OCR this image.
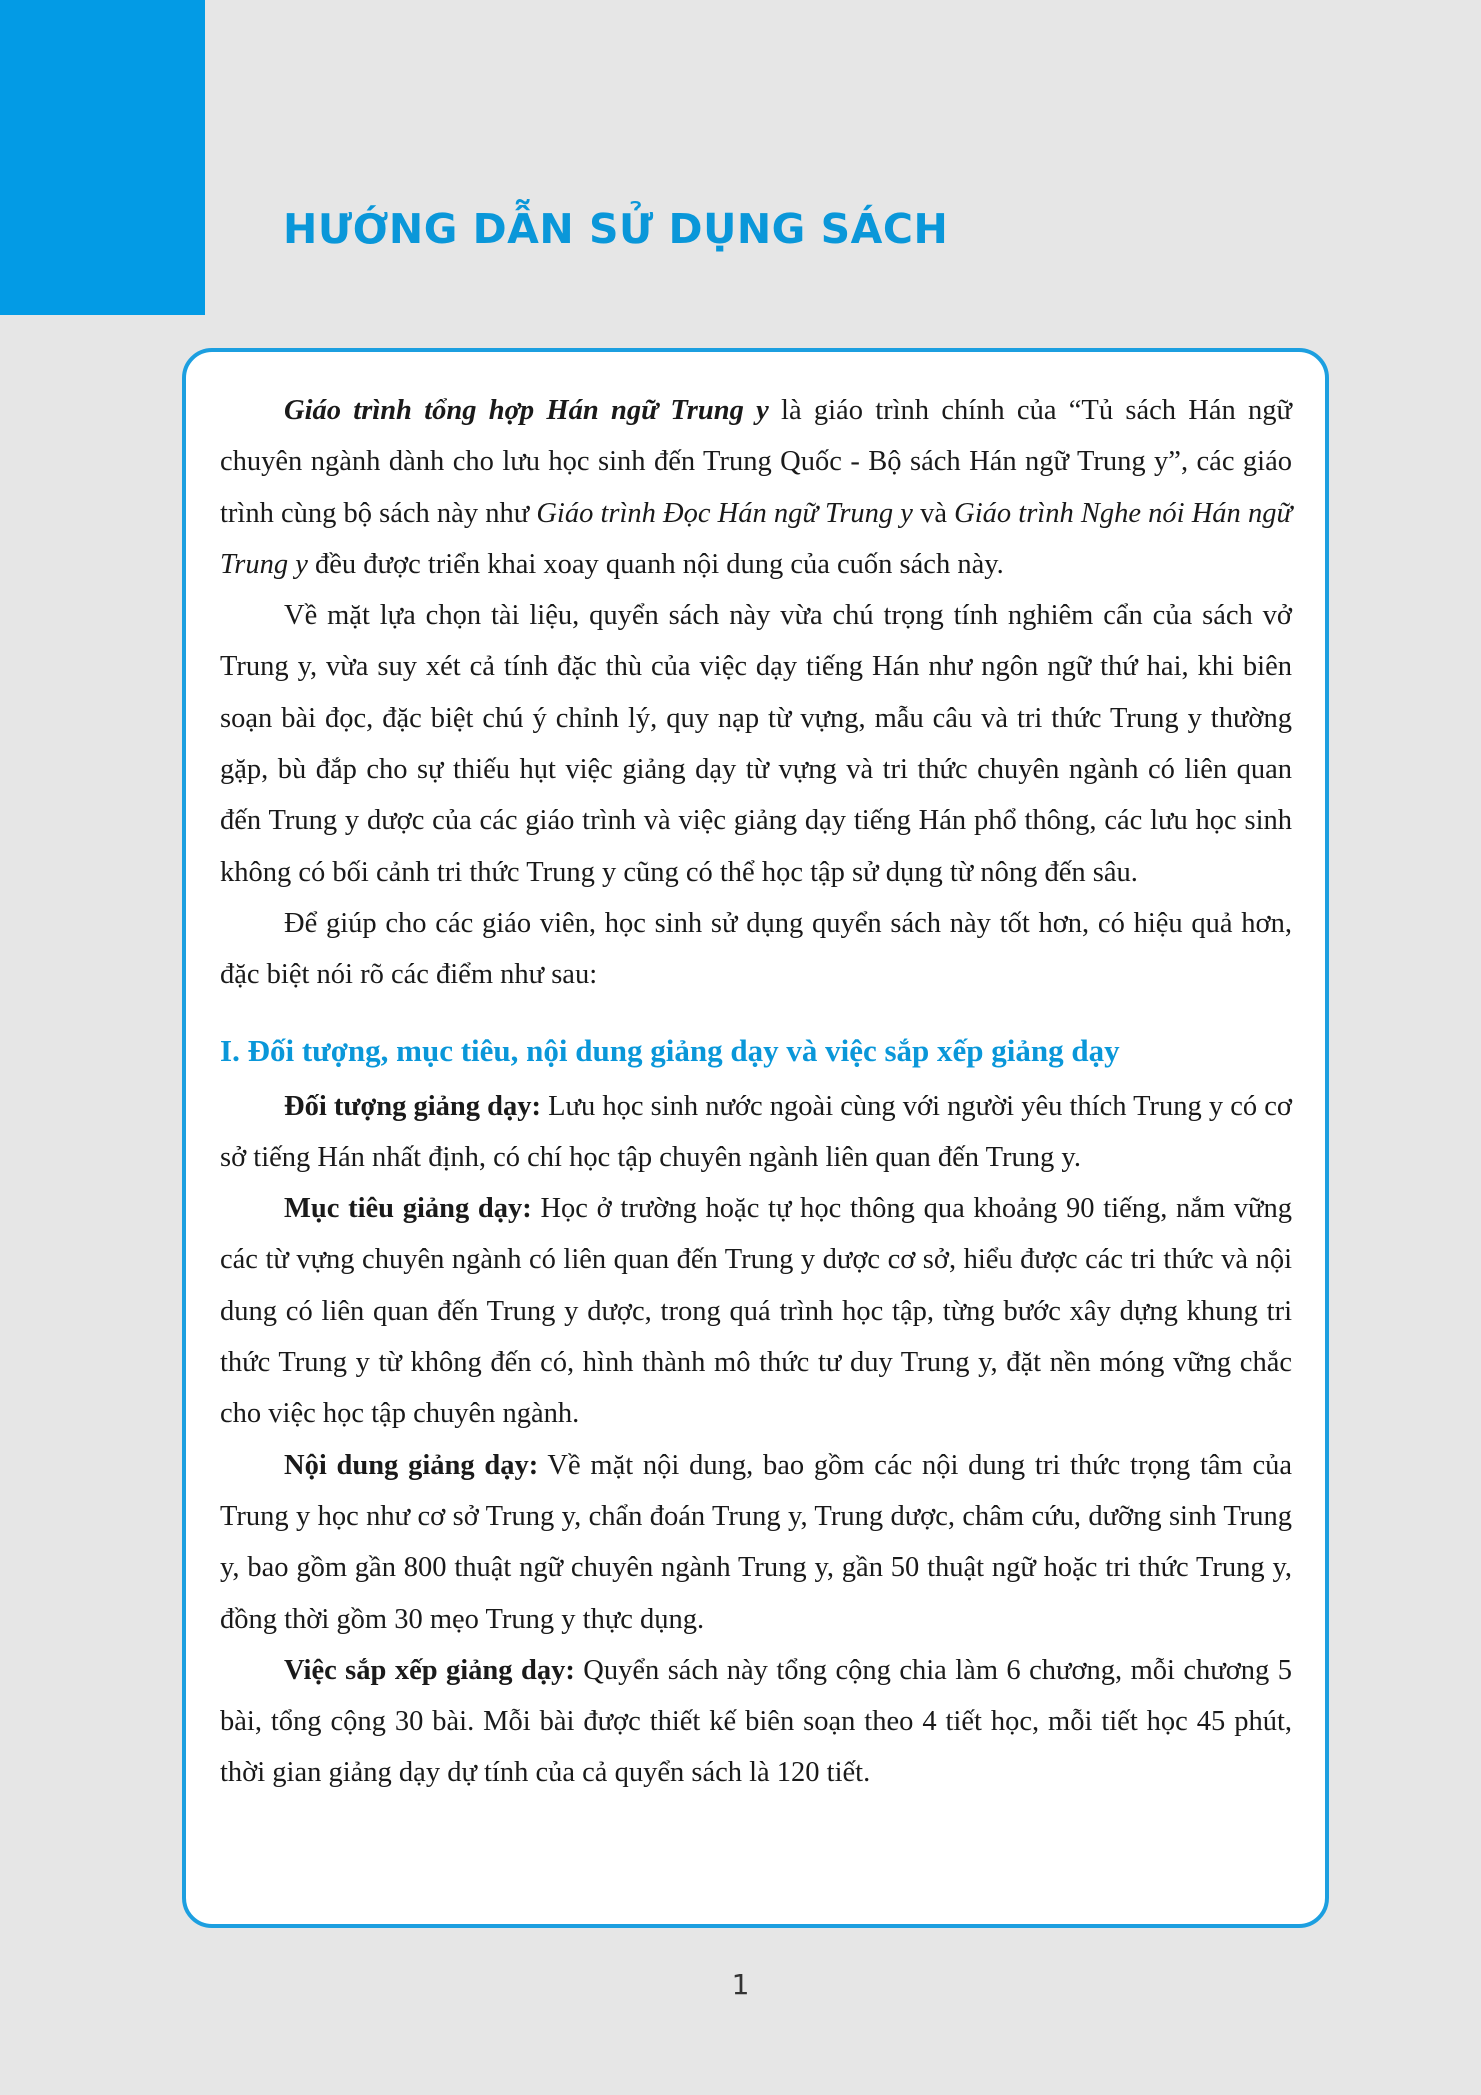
HƯỚNG DẪN SỬ DỤNG SÁCH

Giáo trình tổng hợp Hán ngữ Trung y là giáo trình chính của “Tủ sách Hán ngữ chuyên ngành dành cho lưu học sinh đến Trung Quốc - Bộ sách Hán ngữ Trung y”, các giáo trình cùng bộ sách này như Giáo trình Đọc Hán ngữ Trung y và Giáo trình Nghe nói Hán ngữ Trung y đều được triển khai xoay quanh nội dung của cuốn sách này.

Về mặt lựa chọn tài liệu, quyển sách này vừa chú trọng tính nghiêm cẩn của sách vở Trung y, vừa suy xét cả tính đặc thù của việc dạy tiếng Hán như ngôn ngữ thứ hai, khi biên soạn bài đọc, đặc biệt chú ý chỉnh lý, quy nạp từ vựng, mẫu câu và tri thức Trung y thường gặp, bù đắp cho sự thiếu hụt việc giảng dạy từ vựng và tri thức chuyên ngành có liên quan đến Trung y dược của các giáo trình và việc giảng dạy tiếng Hán phổ thông, các lưu học sinh không có bối cảnh tri thức Trung y cũng có thể học tập sử dụng từ nông đến sâu.

Để giúp cho các giáo viên, học sinh sử dụng quyển sách này tốt hơn, có hiệu quả hơn, đặc biệt nói rõ các điểm như sau:

I. Đối tượng, mục tiêu, nội dung giảng dạy và việc sắp xếp giảng dạy

Đối tượng giảng dạy: Lưu học sinh nước ngoài cùng với người yêu thích Trung y có cơ sở tiếng Hán nhất định, có chí học tập chuyên ngành liên quan đến Trung y.

Mục tiêu giảng dạy: Học ở trường hoặc tự học thông qua khoảng 90 tiếng, nắm vững các từ vựng chuyên ngành có liên quan đến Trung y dược cơ sở, hiểu được các tri thức và nội dung có liên quan đến Trung y dược, trong quá trình học tập, từng bước xây dựng khung tri thức Trung y từ không đến có, hình thành mô thức tư duy Trung y, đặt nền móng vững chắc cho việc học tập chuyên ngành.

Nội dung giảng dạy: Về mặt nội dung, bao gồm các nội dung tri thức trọng tâm của Trung y học như cơ sở Trung y, chẩn đoán Trung y, Trung dược, châm cứu, dưỡng sinh Trung y, bao gồm gần 800 thuật ngữ chuyên ngành Trung y, gần 50 thuật ngữ hoặc tri thức Trung y, đồng thời gồm 30 mẹo Trung y thực dụng.

Việc sắp xếp giảng dạy: Quyển sách này tổng cộng chia làm 6 chương, mỗi chương 5 bài, tổng cộng 30 bài. Mỗi bài được thiết kế biên soạn theo 4 tiết học, mỗi tiết học 45 phút, thời gian giảng dạy dự tính của cả quyển sách là 120 tiết.

1
